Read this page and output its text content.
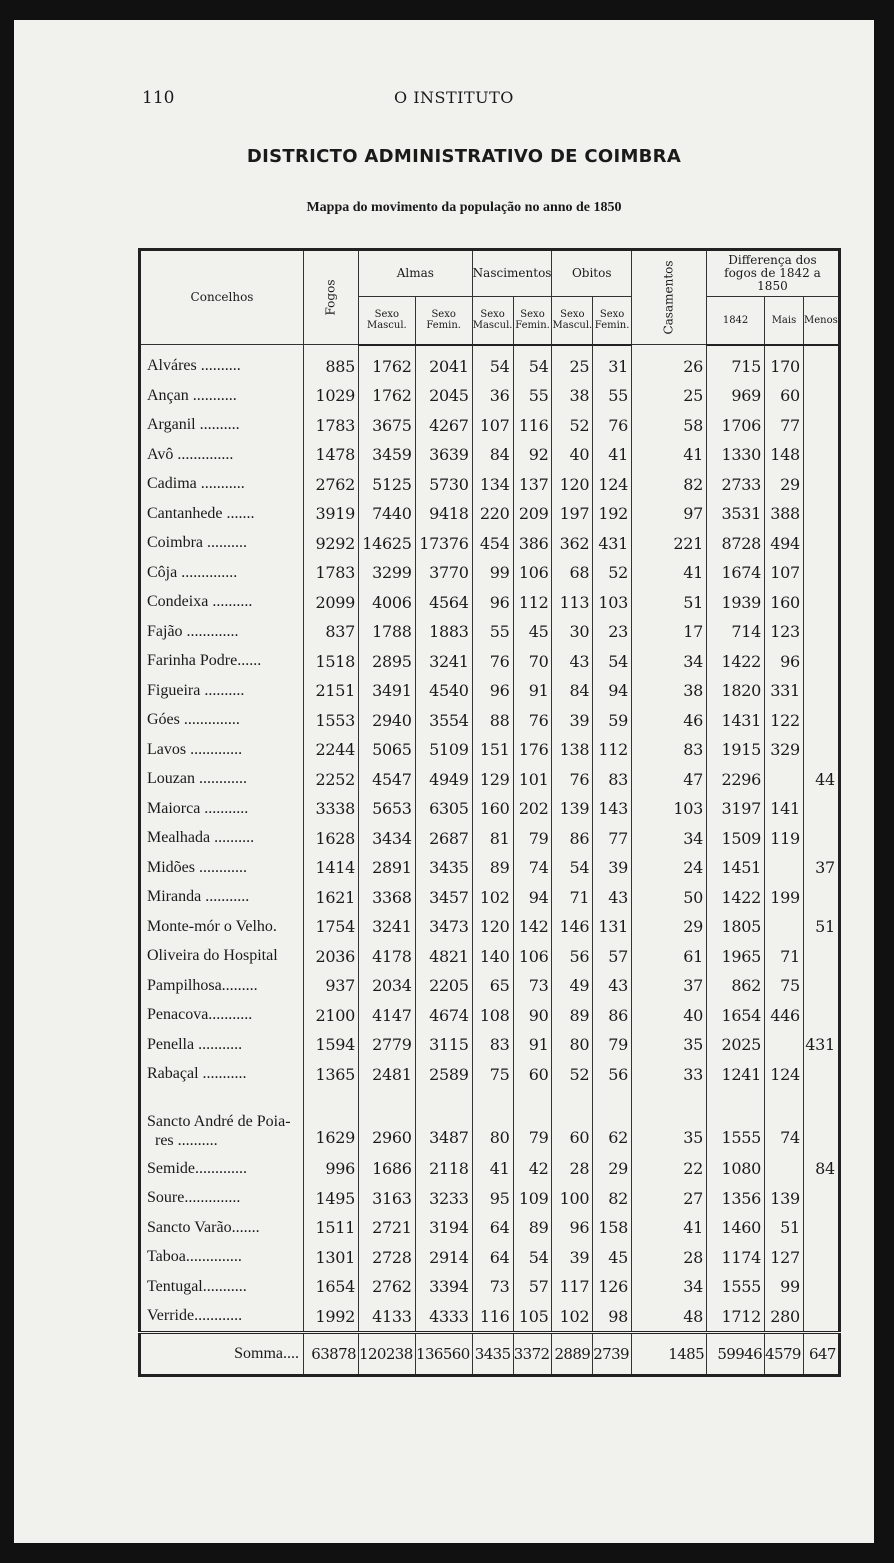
110	O INSTITUTO
DISTRICTO ADMINISTRATIVO DE COIMBRA
Mappa do movimento da população no anno de 1850
Concelhos	Fogos	Almas		Nascimentos		Obitos		Casamentos	Differença dos fogos de 1842 a 1850		
		Sexo Mascul.	Sexo Femin.	Sexo Mascul.	Sexo Femin.	Sexo Mascul.	Sexo Femin.		1842	Mais	Menos
Alváres ..........	885	1762	2041	54	54	25	31	26	715	170	
Ançan ...........	1029	1762	2045	36	55	38	55	25	969	60	
Arganil ..........	1783	3675	4267	107	116	52	76	58	1706	77	
Avô ..............	1478	3459	3639	84	92	40	41	41	1330	148	
Cadima ...........	2762	5125	5730	134	137	120	124	82	2733	29	
Cantanhede .......	3919	7440	9418	220	209	197	192	97	3531	388	
Coimbra ..........	9292	14625	17376	454	386	362	431	221	8728	494	
Côja ..............	1783	3299	3770	99	106	68	52	41	1674	107	
Condeixa ..........	2099	4006	4564	96	112	113	103	51	1939	160	
Fajão .............	837	1788	1883	55	45	30	23	17	714	123	
Farinha Podre......	1518	2895	3241	76	70	43	54	34	1422	96	
Figueira ..........	2151	3491	4540	96	91	84	94	38	1820	331	
Góes ..............	1553	2940	3554	88	76	39	59	46	1431	122	
Lavos .............	2244	5065	5109	151	176	138	112	83	1915	329	
Louzan ............	2252	4547	4949	129	101	76	83	47	2296		44
Maiorca ...........	3338	5653	6305	160	202	139	143	103	3197	141	
Mealhada ..........	1628	3434	2687	81	79	86	77	34	1509	119	
Midões ............	1414	2891	3435	89	74	54	39	24	1451		37
Miranda ...........	1621	3368	3457	102	94	71	43	50	1422	199	
Monte-mór o Velho.	1754	3241	3473	120	142	146	131	29	1805		51
Oliveira do Hospital	2036	4178	4821	140	106	56	57	61	1965	71	
Pampilhosa.........	937	2034	2205	65	73	49	43	37	862	75	
Penacova...........	2100	4147	4674	108	90	89	86	40	1654	446	
Penella ...........	1594	2779	3115	83	91	80	79	35	2025		431
Rabaçal ...........	1365	2481	2589	75	60	52	56	33	1241	124	

Sancto André de Poia-
res ..........	1629	2960	3487	80	79	60	62	35	1555	74	
Semide.............	996	1686	2118	41	42	28	29	22	1080		84
Soure..............	1495	3163	3233	95	109	100	82	27	1356	139	
Sancto Varão.......	1511	2721	3194	64	89	96	158	41	1460	51	
Taboa..............	1301	2728	2914	64	54	39	45	28	1174	127	
Tentugal...........	1654	2762	3394	73	57	117	126	34	1555	99	
Verride............	1992	4133	4333	116	105	102	98	48	1712	280	
Somma....	63878	120238	136560	3435	3372	2889	2739	1485	59946	4579	647
